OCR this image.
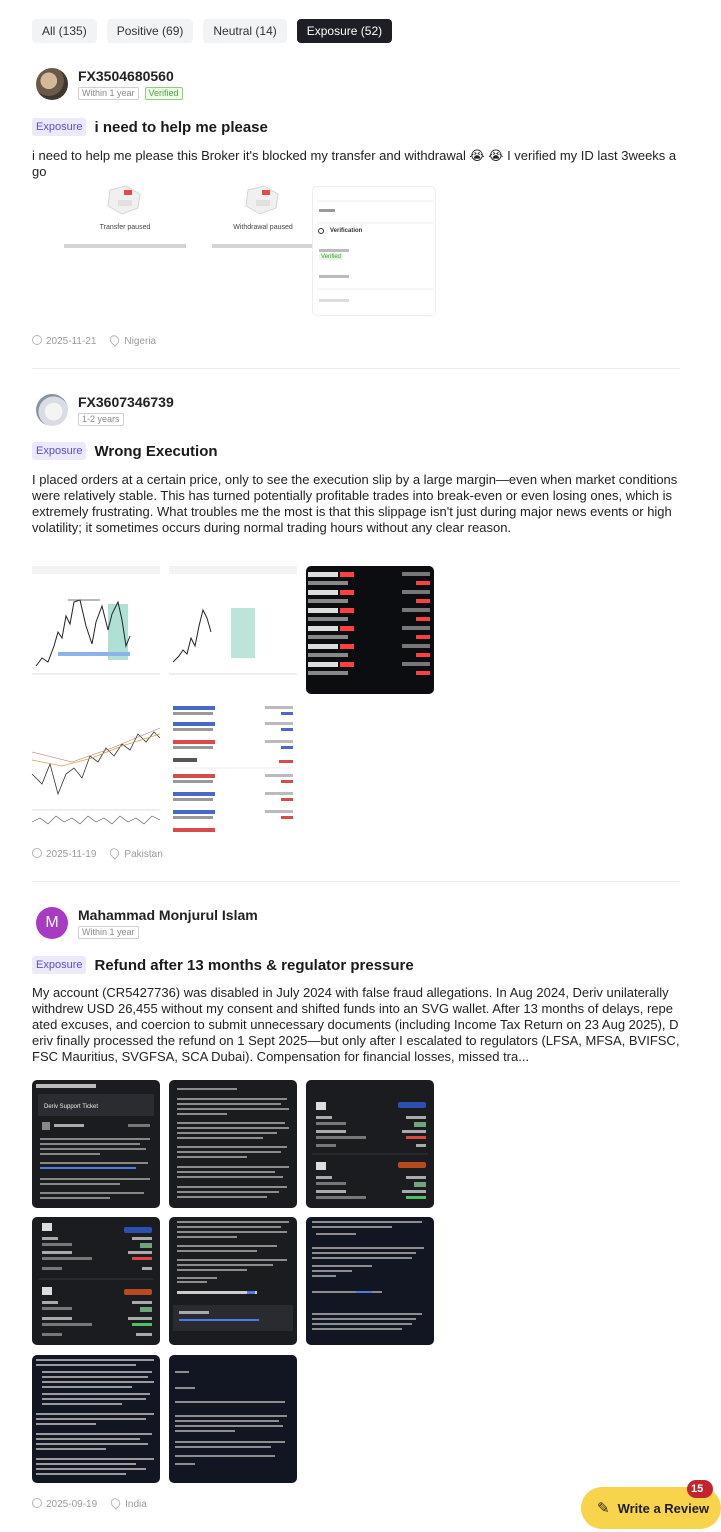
All (135)	Positive (69)	Neutral (14)	Exposure (52)
FX3504680560
Within 1 year	Verified
Exposure i need to help me please
i need to help me please this Broker it's blocked my transfer and withdrawal 😭 😭 I verified my ID last 3weeks ago
Transfer paused	Withdrawal paused	Verification
Verified
2025-11-21	Nigeria
FX3607346739
1-2 years
Exposure Wrong Execution
I placed orders at a certain price, only to see the execution slip by a large margin—even when market conditions were relatively stable. This has turned potentially profitable trades into break-even or even losing ones, which is extremely frustrating. What troubles me the most is that this slippage isn't just during major news events or high volatility; it sometimes occurs during normal trading hours without any clear reason.
2025-11-19	Pakistan
M	Mahammad Monjurul Islam
Within 1 year
Exposure Refund after 13 months & regulator pressure
My account (CR5427736) was disabled in July 2024 with false fraud allegations. In Aug 2024, Deriv unilaterally withdrew USD 26,455 without my consent and shifted funds into an SVG wallet. After 13 months of delays, repeated excuses, and coercion to submit unnecessary documents (including Income Tax Return on 23 Aug 2025), Deriv finally processed the refund on 1 Sept 2025—but only after I escalated to regulators (LFSA, MFSA, BVIFSC, FSC Mauritius, SVGFSA, SCA Dubai). Compensation for financial losses, missed tra...
Deriv Support Ticket
2025-09-19	India	✎ Write a Review
15
